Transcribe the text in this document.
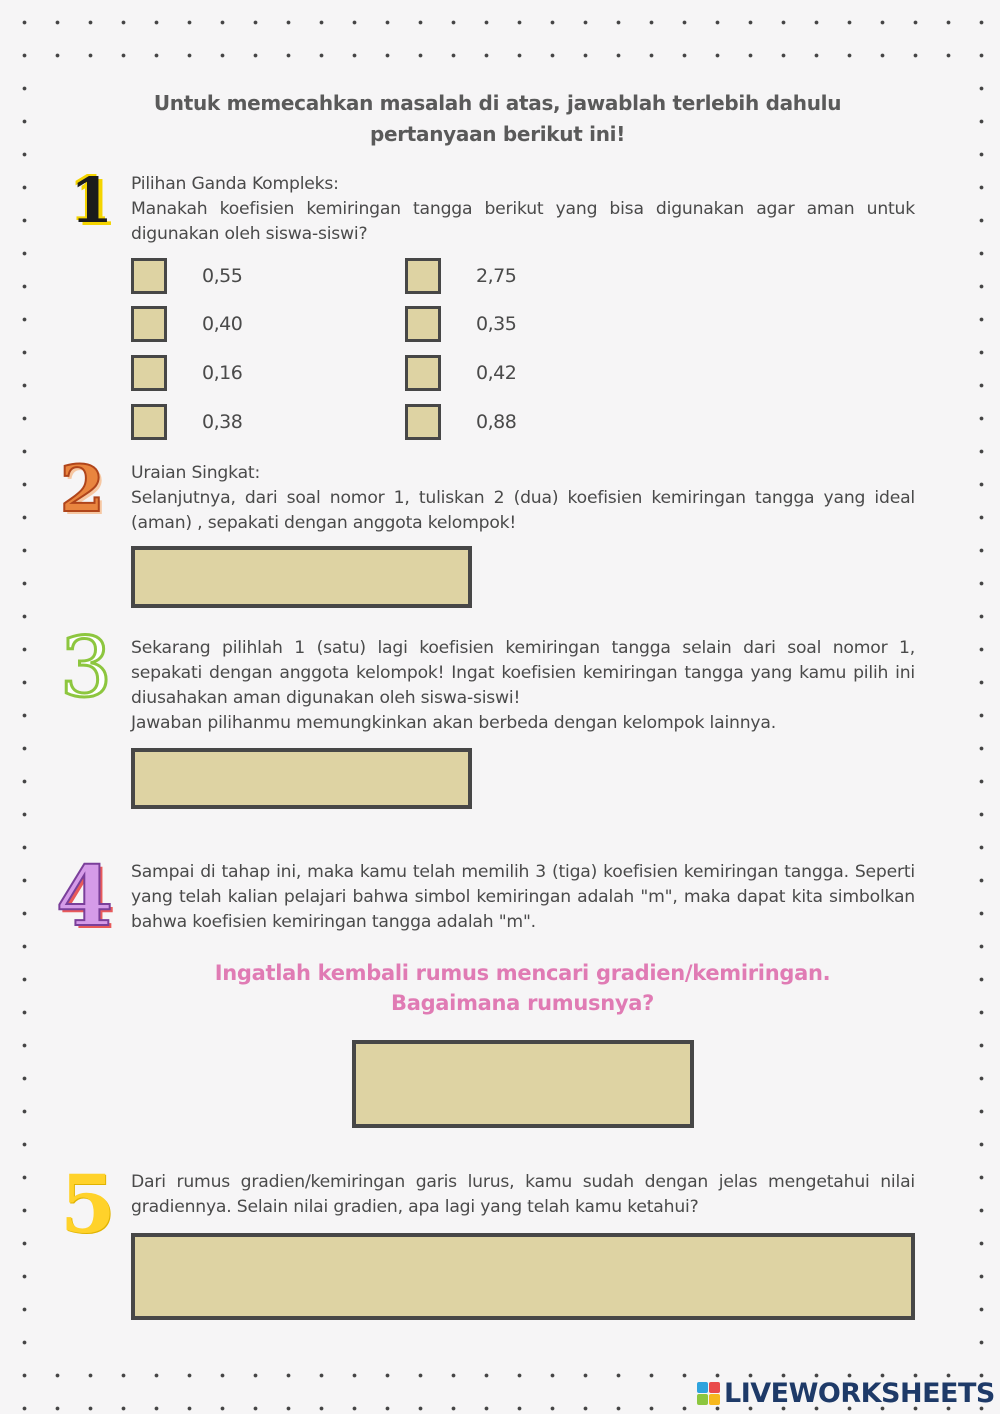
Untuk memecahkan masalah di atas, jawablah terlebih dahulu pertanyaan berikut ini!
1 Pilihan Ganda Kompleks:
Manakah koefisien kemiringan tangga berikut yang bisa digunakan agar aman untuk digunakan oleh siswa-siswi?
0,55
0,40
0,16
0,38
2,75
0,35
0,42
0,88
2 Uraian Singkat:
Selanjutnya, dari soal nomor 1, tuliskan 2 (dua) koefisien kemiringan tangga yang ideal (aman) , sepakati dengan anggota kelompok!
3 Sekarang pilihlah 1 (satu) lagi koefisien kemiringan tangga selain dari soal nomor 1, sepakati dengan anggota kelompok! Ingat koefisien kemiringan tangga yang kamu pilih ini diusahakan aman digunakan oleh siswa-siswi!
Jawaban pilihanmu memungkinkan akan berbeda dengan kelompok lainnya.
4 Sampai di tahap ini, maka kamu telah memilih 3 (tiga) koefisien kemiringan tangga. Seperti yang telah kalian pelajari bahwa simbol kemiringan adalah "m", maka dapat kita simbolkan bahwa koefisien kemiringan tangga adalah "m".
Ingatlah kembali rumus mencari gradien/kemiringan. Bagaimana rumusnya?
5 Dari rumus gradien/kemiringan garis lurus, kamu sudah dengan jelas mengetahui nilai gradiennya. Selain nilai gradien, apa lagi yang telah kamu ketahui?
LIVEWORKSHEETS
